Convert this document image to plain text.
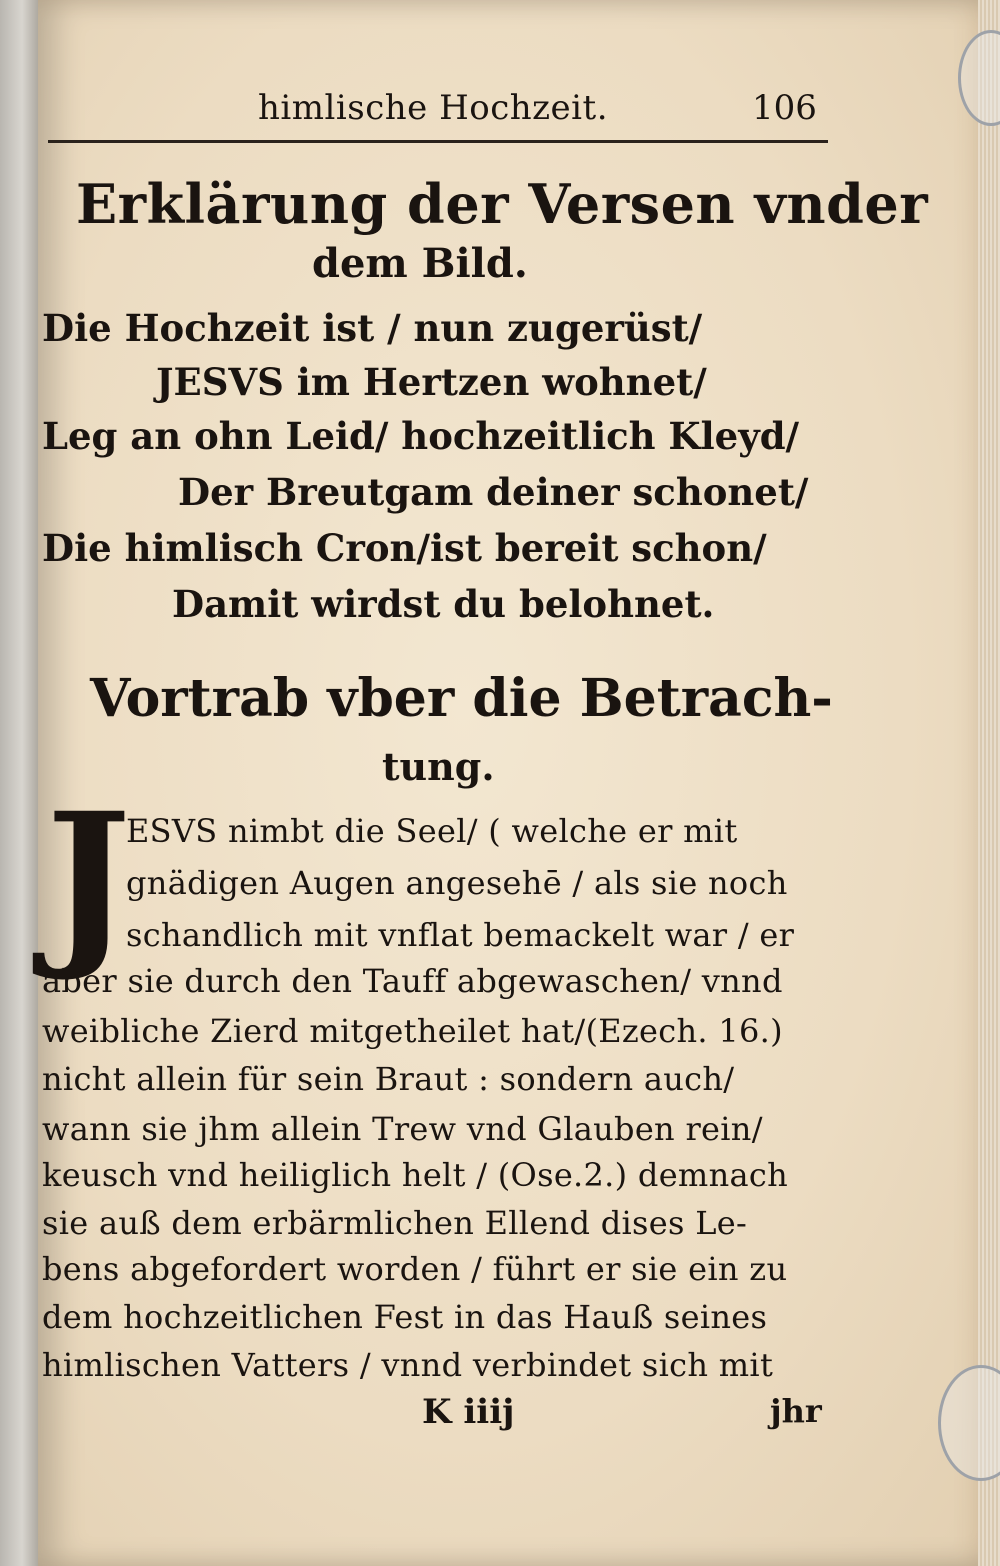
himlische Hochzeit.	106
Erklärung der Versen vnder
dem Bild.
Die Hochzeit ist / nun zugerüst/
JESVS im Hertzen wohnet/
Leg an ohn Leid/ hochzeitlich Kleyd/
Der Breutgam deiner schonet/
Die himlisch Cron/ist bereit schon/
Damit wirdst du belohnet.
Vortrab vber die Betrach-
tung.
J
ESVS nimbt die Seel/ ( welche er mit
gnädigen Augen angesehē / als sie noch
schandlich mit vnflat bemackelt war / er
aber sie durch den Tauff abgewaschen/ vnnd
weibliche Zierd mitgetheilet hat/(Ezech. 16.)
nicht allein für sein Braut : sondern auch/
wann sie jhm allein Trew vnd Glauben rein/
keusch vnd heiliglich helt / (Ose.2.) demnach
sie auß dem erbärmlichen Ellend dises Le-
bens abgefordert worden / führt er sie ein zu
dem hochzeitlichen Fest in das Hauß seines
himlischen Vatters / vnnd verbindet sich mit
K iiij	jhr
